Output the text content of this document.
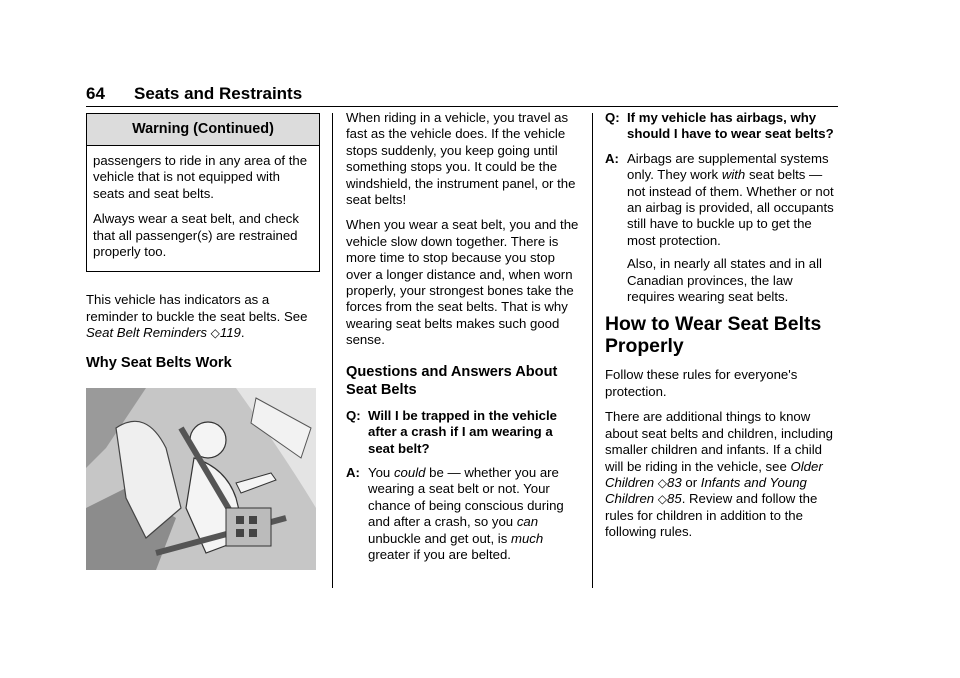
64 Seats and Restraints
Warning (Continued)

passengers to ride in any area of the vehicle that is not equipped with seats and seat belts.

Always wear a seat belt, and check that all passenger(s) are restrained properly too.

This vehicle has indicators as a reminder to buckle the seat belts. See Seat Belt Reminders ◇119.

Why Seat Belts Work

When riding in a vehicle, you travel as fast as the vehicle does. If the vehicle stops suddenly, you keep going until something stops you. It could be the windshield, the instrument panel, or the seat belts!

When you wear a seat belt, you and the vehicle slow down together. There is more time to stop because you stop over a longer distance and, when worn properly, your strongest bones take the forces from the seat belts. That is why wearing seat belts makes such good sense.

Questions and Answers About Seat Belts
Q: Will I be trapped in the vehicle after a crash if I am wearing a seat belt?
A: You could be — whether you are wearing a seat belt or not. Your chance of being conscious during and after a crash, so you can unbuckle and get out, is much greater if you are belted.
Q: If my vehicle has airbags, why should I have to wear seat belts?
A: Airbags are supplemental systems only. They work with seat belts — not instead of them. Whether or not an airbag is provided, all occupants still have to buckle up to get the most protection.
Also, in nearly all states and in all Canadian provinces, the law requires wearing seat belts.
How to Wear Seat Belts Properly

Follow these rules for everyone's protection.

There are additional things to know about seat belts and children, including smaller children and infants. If a child will be riding in the vehicle, see Older Children ◇83 or Infants and Young Children ◇85. Review and follow the rules for children in addition to the following rules.
